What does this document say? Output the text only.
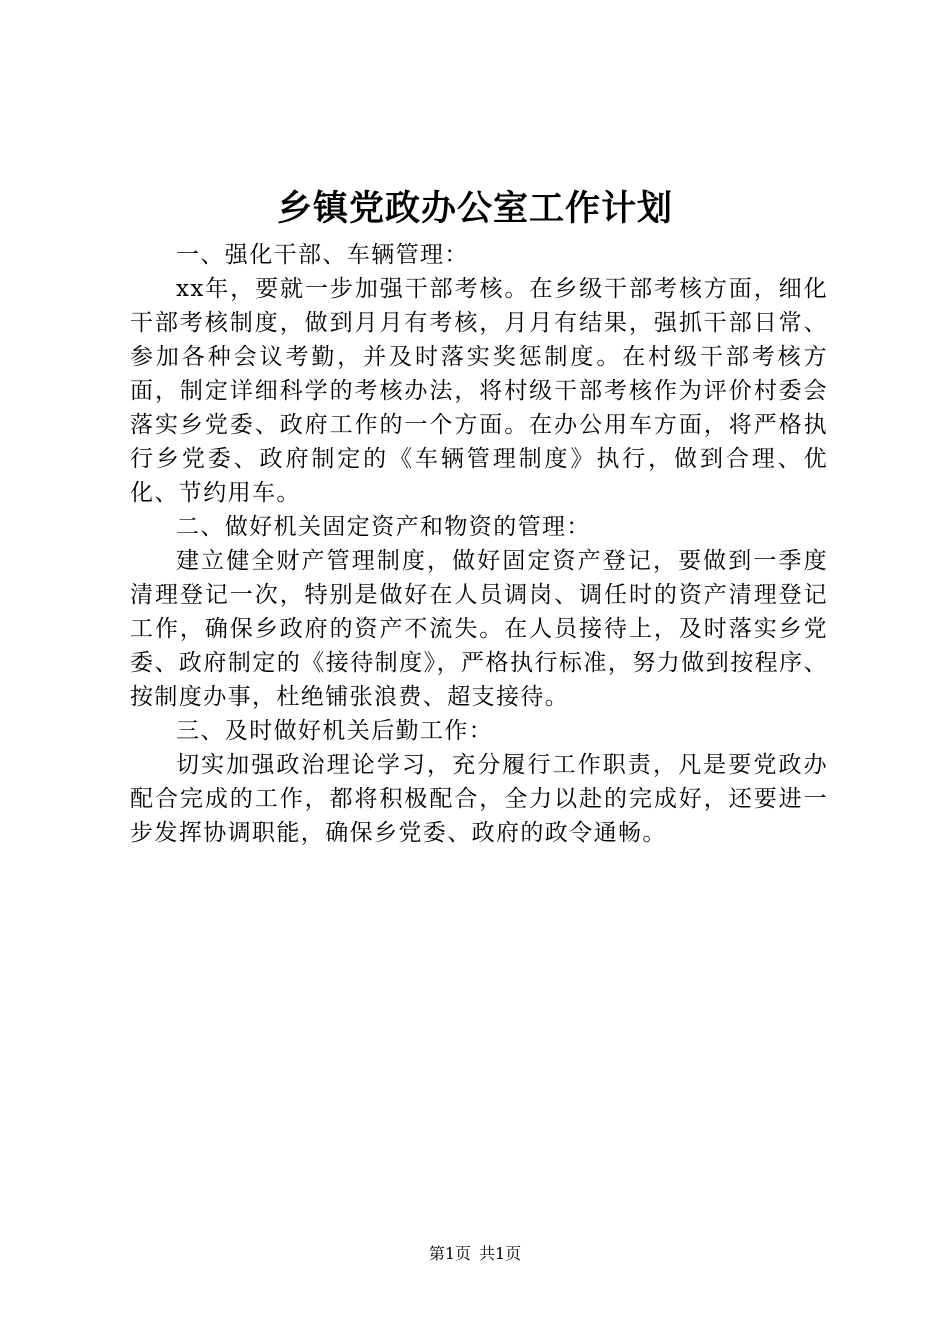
乡镇党政办公室工作计划

一、强化干部、车辆管理：

xx年，要就一步加强干部考核。在乡级干部考核方面，细化干部考核制度，做到月月有考核，月月有结果，强抓干部日常、参加各种会议考勤，并及时落实奖惩制度。在村级干部考核方面，制定详细科学的考核办法，将村级干部考核作为评价村委会落实乡党委、政府工作的一个方面。在办公用车方面，将严格执行乡党委、政府制定的《车辆管理制度》执行，做到合理、优化、节约用车。

二、做好机关固定资产和物资的管理：

建立健全财产管理制度，做好固定资产登记，要做到一季度清理登记一次，特别是做好在人员调岗、调任时的资产清理登记工作，确保乡政府的资产不流失。在人员接待上，及时落实乡党委、政府制定的《接待制度》，严格执行标准，努力做到按程序、按制度办事，杜绝铺张浪费、超支接待。

三、及时做好机关后勤工作：

切实加强政治理论学习，充分履行工作职责，凡是要党政办配合完成的工作，都将积极配合，全力以赴的完成好，还要进一步发挥协调职能，确保乡党委、政府的政令通畅。

第1页 共1页
